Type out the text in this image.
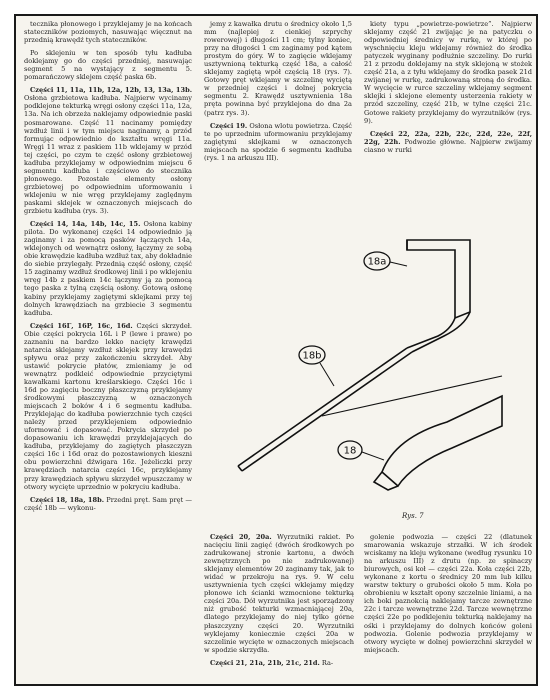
tecznika płonowego i przyklejamy je na końcach stateczników poziomych, nasuwając więcznut na przednią krawędź tych stateczników.

Po sklejeniu w ten sposób tyłu kadłuba doklejamy go do części przedniej, nasuwając segment 5 na wystający z segmentu 5. pomarańczowy sklejem część paska 6b.

Części 11, 11a, 11b, 12a, 12b, 13, 13a, 13b. Osłona grzbietowa kadłuba. Najpierw wycinamy podklejone tekturką wręgi osłony części 11a, 12a, 13a. Na ich obrzeża naklejamy odpowiednie paski posmarowane. Część 11 nacinamy pomiędzy wzdłuż linii i w tym miejscu naginamy, a przód formując odpowiednio do kształtu wręgi 11a. Wręgi 11 wraz z paskiem 11b wklejamy w przód tej części, po czym te część osłony grzbietowej kadłuba przyklejamy w odpowiednim miejscu 6 segmentu kadłuba i częściowo do stecznika płonowego. Pozostałe elementy osłony grzbietowej po odpowiednim uformowaniu i wklejeniu w nie wręg przyklejamy zaględnym paskami sklejek w oznaczonych miejscach do grzbietu kadłuba (rys. 3).

Części 14, 14a, 14b, 14c, 15. Osłona kabiny pilota. Do wykonanej części 14 odpowiednio ją zaginamy i za pomocą pasków łączących 14a, wklejonych od wewnątrz osłony, łączymy ze sobą obie krawędzie kadłuba wzdłuż tax, aby dokładnie do siebie przylegały. Przednią część osłony, część 15 zaginamy wzdłuż środkowej linii i po wklejeniu wręg 14b z paskiem 14c łączymy ją za pomocą tego paska z tylną częścią osłony. Gotową osłonę kabiny przyklejamy zagiętymi sklejkami przy tej dolnych krawędziach na grzbiecie 3 segmentu kadłuba.

Części 16Γ, 16P, 16c, 16d. Części skrzydeł. Obie części pokrycia 16L i P (lewe i prawe) po zaznaniu na bardzo lekko nacięty krawędzi natarcia sklejamy wzdłuż sklejek przy krawędzi spływu oraz przy zakończeniu skrzydeł. Aby ustawić pokrycie płatów, zmieniamy je od wewnątrz podkleić odpowiednie przyciętymi kawałkami kartonu kreślarskiego. Części 16c i 16d po zagięciu boczny płaszczyzną przyklejamy środkowymi płaszczyzną w oznaczonych miejscach 2 boków 4 i 6 segmentu kadłuba. Przyklejając do kadłuba powierzchnie tych części należy przed przyklejeniem odpowiednio uformować i dopasować. Pokrycia skrzydeł po dopasowaniu ich krawędzi przyklejających do kadłuba, przyklejamy do zagiętych płaszczyzn części 16c i 16d oraz do pozostawionych kieszni obu powierzchni dźwigara 16z. Jeżeliczki przy krawędziach natarcia części 16c, przyklejamy przy krawędziach spływu skrzydeł wpuszczamy w otwory wycięte uprzednio w pokryciu kadłuba.

Części 18, 18a, 18b. Przedni pręt. Sam pręt — część 18b — wykonu-

jemy z kawałka drutu o średnicy około 1,5 mm (najlepiej z cienkiej szprychy rowerowej) i długości 11 cm; tylny koniec, przy na długości 1 cm zaginamy pod kątem prostym do góry. W to zagięcie wklejamy usztywnioną tekturką część 18a, a całość sklejamy zagiętą wpół częścią 18 (rys. 7). Gotowy pręt wklejamy w szczelinę wyciętą w przedniej części i dolnej pokrycia segmentu 2. Krawędź usztywnienia 18a pręta powinna być przyklejona do dna 2a (patrz rys. 3).

Części 19. Osłona wlotu powietrza. Część te po uprzednim uformowaniu przyklejamy zagiętymi sklejkami w oznaczonych miejscach na spodzie 6 segmentu kadłuba (rys. 1 na arkuszu III).

kiety typu „powietrze-powietrze”. Najpierw sklejamy część 21 zwijając je na patyczku o odpowiedniej średnicy w rurkę, w której po wyschnięciu kleju wklejamy również do środka patyczek wyginany podłużnie szczeliny. Do rurki 21 z przodu doklejamy na styk sklejoną w stożek część 21a, a z tyłu wklejamy do środka pasek 21d zwijanej w rurkę, zadrukowaną stroną do środka. W wycięcie w rurce szczeliny wklejamy segment sklejki i sklejone elementy usterzenia rakiety w przód szczeliny, część 21b, w tylne części 21c. Gotowe rakiety przyklejamy do wyrzutników (rys. 9).

Części 22, 22a, 22b, 22c, 22d, 22e, 22f, 22g, 22h. Podwozie główne. Najpierw zwijamy ciasno w rurki

18a
18b
18
Rys. 7

Części 20, 20a. Wyrzutniki rakiet. Po nacięciu linii zagięć (dwóch środkowych po zadrukowanej stronie kartonu, a dwóch zewnętrznych po nie zadrukowanej) sklejamy elementów 20 zaginamy tak, jak to widać w przekroju na rys. 9. W celu usztywnienia tych części wklejamy między płonowe ich ścianki wzmocnione tekturką części 20a. Dół wyrzutnika jest sporządzony niż grubość tekturki wzmacniającej 20a, dlatego przyklejamy do niej tylko górne płaszczyzny części 20. Wyrzutniki wyklejamy koniecznie części 20a w szczelinie wycięte w oznaczonych miejscach w spodzie skrzydła.

Części 21, 21a, 21b, 21c, 21d. Ra-

golenie podwozia — części 22 (dlatunek smarowania wskazuje strzałki. W ich środek wciskamy na kleju wykonane (według rysunku 10 na arkuszu III) z drutu (np. ze spinaczy biurowych, osi koł — części 22a. Koła części 22b, wykonane z kortu o średnicy 20 mm lub kilku warstw tektury o grubości około 5 mm. Koła po obrobieniu w kształt opony szczelnie liniami, a na ich boki paznokcią naklejamy tarcze zewnętrzne 22c i tarcze wewnętrzne 22d. Tarcze wewnętrzne części 22e po podklejeniu tekturką naklejamy na ośki i przyklejamy do dolnych końców goleni podwozia. Golenie podwozia przyklejamy w otwory wycięte w dolnej powierzchni skrzydeł w miejscach.
